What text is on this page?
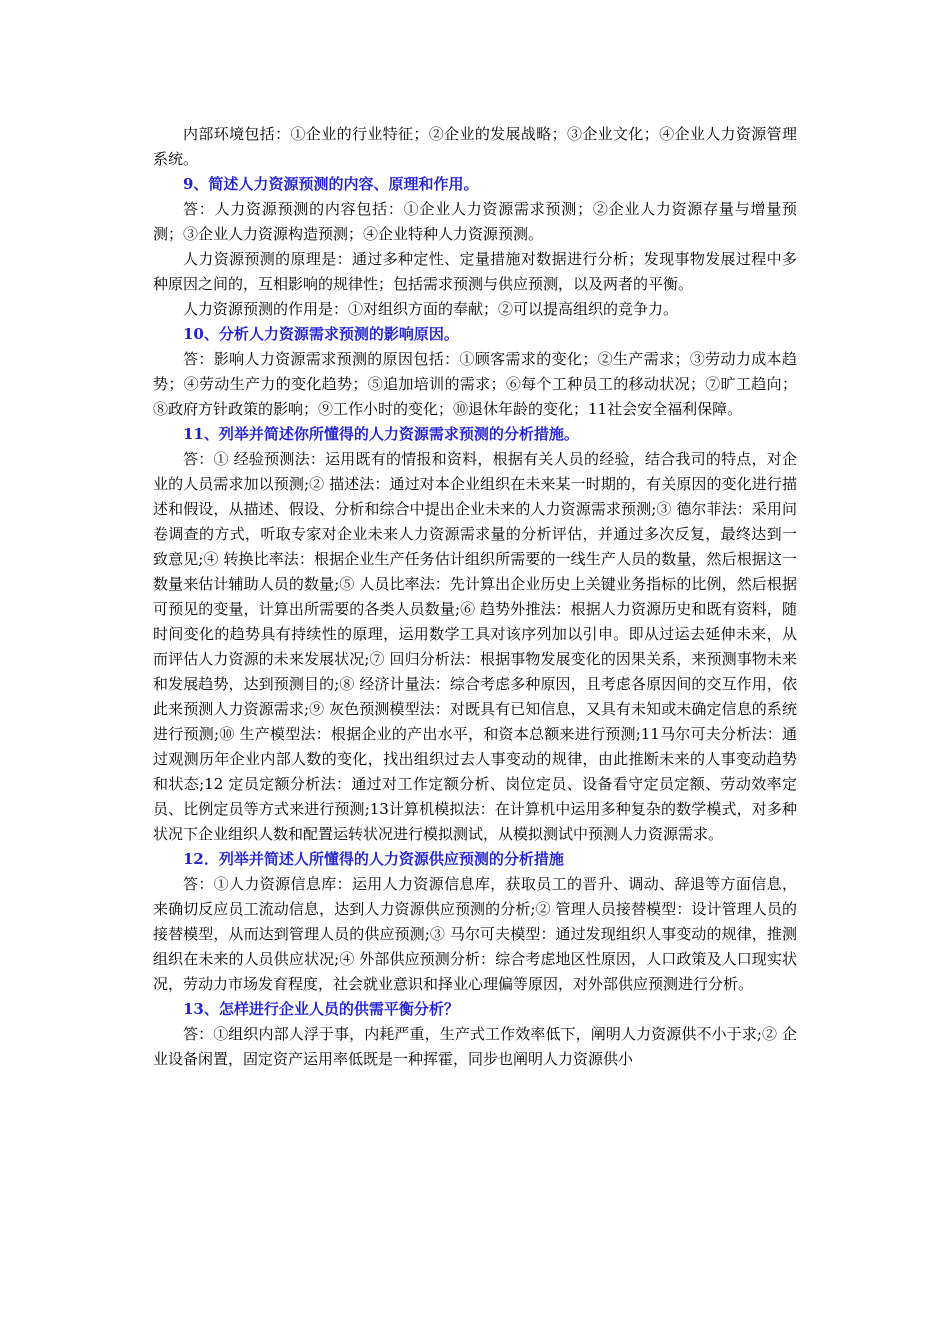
内部环境包括：①企业的行业特征；②企业的发展战略；③企业文化；④企业人力资源管理系统。

9、简述人力资源预测的内容、原理和作用。

答：人力资源预测的内容包括：①企业人力资源需求预测；②企业人力资源存量与增量预测；③企业人力资源构造预测；④企业特种人力资源预测。

人力资源预测的原理是：通过多种定性、定量措施对数据进行分析；发现事物发展过程中多种原因之间的，互相影响的规律性；包括需求预测与供应预测，以及两者的平衡。

人力资源预测的作用是：①对组织方面的奉献；②可以提高组织的竞争力。

10、分析人力资源需求预测的影响原因。

答：影响人力资源需求预测的原因包括：①顾客需求的变化；②生产需求；③劳动力成本趋势；④劳动生产力的变化趋势；⑤追加培训的需求；⑥每个工种员工的移动状况；⑦旷工趋向；⑧政府方针政策的影响；⑨工作小时的变化；⑩退休年龄的变化；11社会安全福利保障。

11、列举并简述你所懂得的人力资源需求预测的分析措施。

答：① 经验预测法：运用既有的情报和资料，根据有关人员的经验，结合我司的特点，对企业的人员需求加以预测;② 描述法：通过对本企业组织在未来某一时期的，有关原因的变化进行描述和假设，从描述、假设、分析和综合中提出企业未来的人力资源需求预测;③ 德尔菲法：采用问卷调查的方式，听取专家对企业未来人力资源需求量的分析评估，并通过多次反复，最终达到一致意见;④ 转换比率法：根据企业生产任务估计组织所需要的一线生产人员的数量，然后根据这一数量来估计辅助人员的数量;⑤ 人员比率法：先计算出企业历史上关键业务指标的比例，然后根据可预见的变量，计算出所需要的各类人员数量;⑥ 趋势外推法：根据人力资源历史和既有资料，随时间变化的趋势具有持续性的原理，运用数学工具对该序列加以引申。即从过运去延伸未来，从而评估人力资源的未来发展状况;⑦ 回归分析法：根据事物发展变化的因果关系，来预测事物未来和发展趋势，达到预测目的;⑧ 经济计量法：综合考虑多种原因，且考虑各原因间的交互作用，依此来预测人力资源需求;⑨ 灰色预测模型法：对既具有已知信息，又具有未知或未确定信息的系统进行预测;⑩ 生产模型法：根据企业的产出水平，和资本总额来进行预测;11马尔可夫分析法：通过观测历年企业内部人数的变化，找出组织过去人事变动的规律，由此推断未来的人事变动趋势和状态;12 定员定额分析法：通过对工作定额分析、岗位定员、设备看守定员定额、劳动效率定员、比例定员等方式来进行预测;13计算机模拟法：在计算机中运用多种复杂的数学模式，对多种状况下企业组织人数和配置运转状况进行模拟测试，从模拟测试中预测人力资源需求。

12．列举并简述人所懂得的人力资源供应预测的分析措施

答：①人力资源信息库：运用人力资源信息库，获取员工的晋升、调动、辞退等方面信息，来确切反应员工流动信息，达到人力资源供应预测的分析;② 管理人员接替模型：设计管理人员的接替模型，从而达到管理人员的供应预测;③ 马尔可夫模型：通过发现组织人事变动的规律，推测组织在未来的人员供应状况;④ 外部供应预测分析：综合考虑地区性原因，人口政策及人口现实状况，劳动力市场发育程度，社会就业意识和择业心理偏等原因，对外部供应预测进行分析。

13、怎样进行企业人员的供需平衡分析？

答：①组织内部人浮于事，内耗严重，生产式工作效率低下，阐明人力资源供不小于求;② 企业设备闲置，固定资产运用率低既是一种挥霍，同步也阐明人力资源供小
